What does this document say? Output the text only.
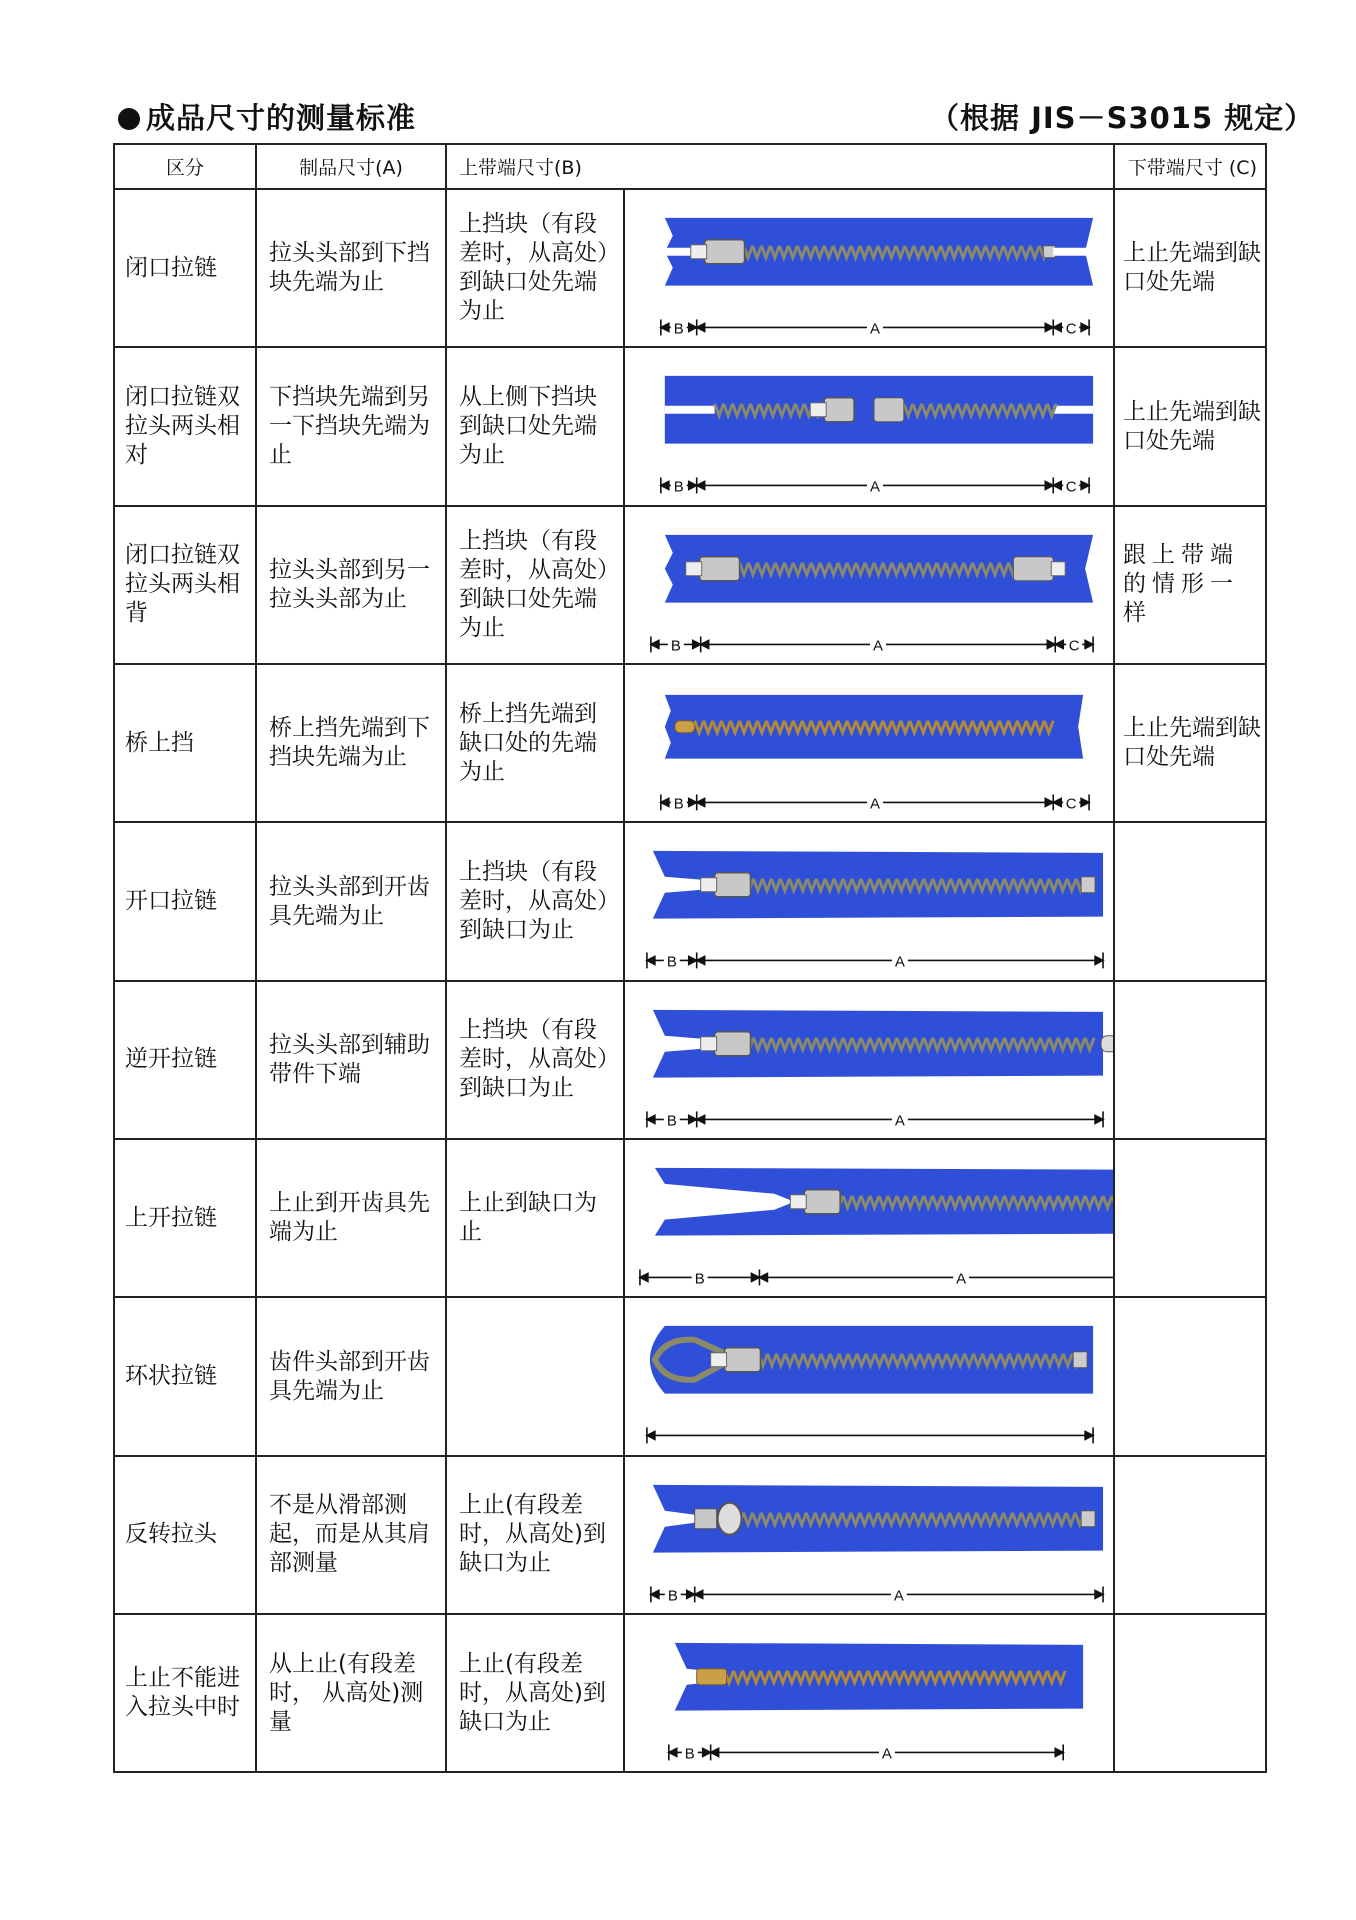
成品尺寸的测量标准	（根据 JIS－S3015 规定）
区分	制品尺寸(A)	上带端尺寸(B)		下带端尺寸 (C)
闭口拉链	拉头头部到下挡块先端为止	上挡块（有段差时，从高处）到缺口处先端为止	B A C	上止先端到缺口处先端
闭口拉链双拉头两头相对	下挡块先端到另一下挡块先端为止	从上侧下挡块到缺口处先端为止	B A C	上止先端到缺口处先端
闭口拉链双拉头两头相背	拉头头部到另一拉头头部为止	上挡块（有段差时，从高处）到缺口处先端为止	B A C	跟上带端的情形一样
桥上挡	桥上挡先端到下挡块先端为止	桥上挡先端到缺口处的先端为止	B A C	上止先端到缺口处先端
开口拉链	拉头头部到开齿具先端为止	上挡块（有段差时，从高处）到缺口为止	B A	

逆开拉链	拉头头部到辅助带件下端	上挡块（有段差时，从高处）到缺口为止	B A	

上开拉链	上止到开齿具先端为止	上止到缺口为止	B A	

环状拉链	齿件头部到开齿具先端为止		

反转拉头	不是从滑部测起，而是从其肩部测量	上止(有段差时，从高处)到缺口为止	B A	

上止不能进入拉头中时	从上止(有段差时， 从高处)测量	上止(有段差时，从高处)到缺口为止	B A	
